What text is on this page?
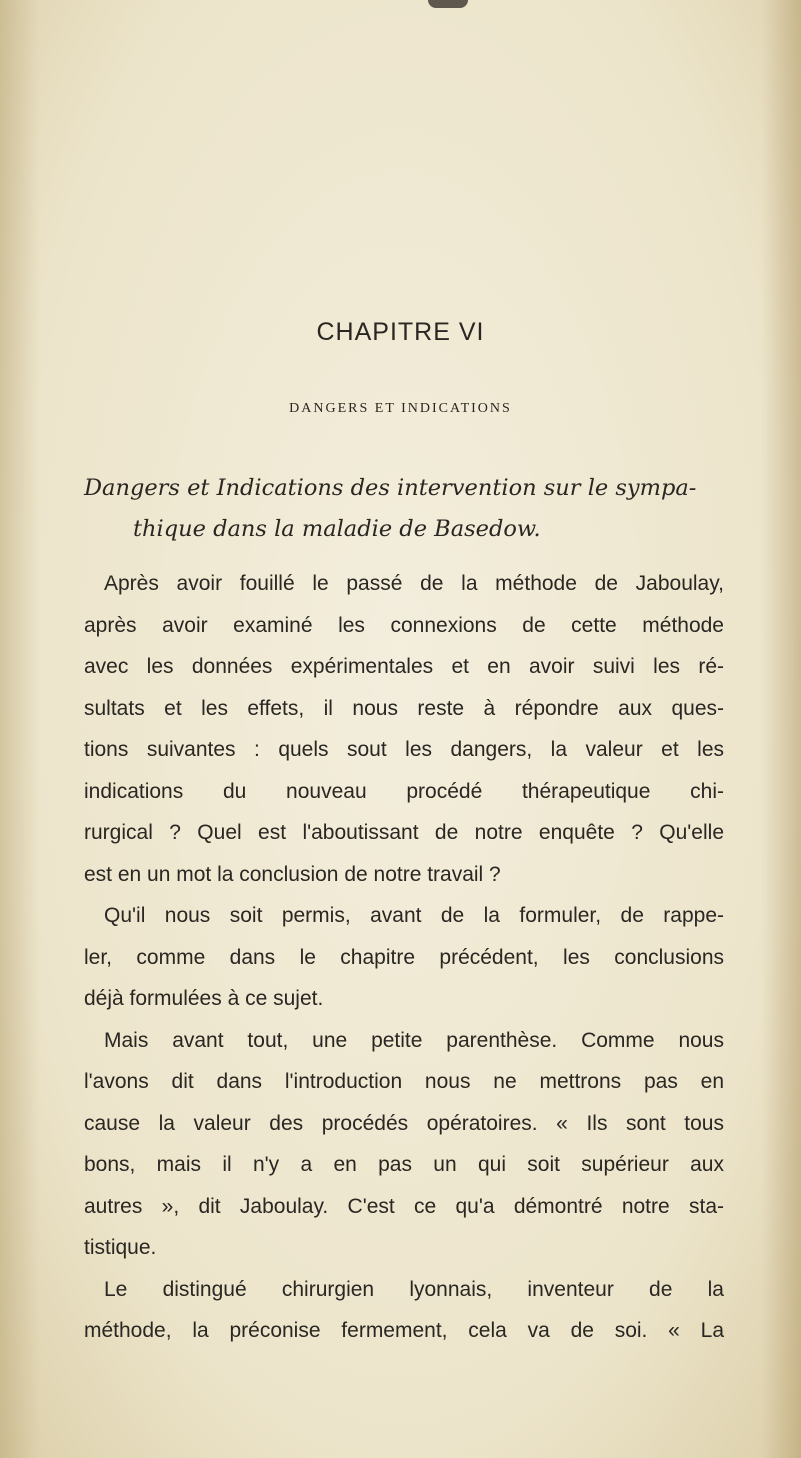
CHAPITRE VI
DANGERS ET INDICATIONS
Dangers et Indications des intervention sur le sympa-
thique dans la maladie de Basedow.

Après avoir fouillé le passé de la méthode de Jaboulay,
après avoir examiné les connexions de cette méthode
avec les données expérimentales et en avoir suivi les ré-
sultats et les effets, il nous reste à répondre aux ques-
tions suivantes : quels sout les dangers, la valeur et les
indications du nouveau procédé thérapeutique chi-
rurgical ? Quel est l'aboutissant de notre enquête ? Qu'elle
est en un mot la conclusion de notre travail ?

Qu'il nous soit permis, avant de la formuler, de rappe-
ler, comme dans le chapitre précédent, les conclusions
déjà formulées à ce sujet.

Mais avant tout, une petite parenthèse. Comme nous
l'avons dit dans l'introduction nous ne mettrons pas en
cause la valeur des procédés opératoires. « Ils sont tous
bons, mais il n'y a en pas un qui soit supérieur aux
autres », dit Jaboulay. C'est ce qu'a démontré notre sta-
tistique.

Le distingué chirurgien lyonnais, inventeur de la
méthode, la préconise fermement, cela va de soi. « La
